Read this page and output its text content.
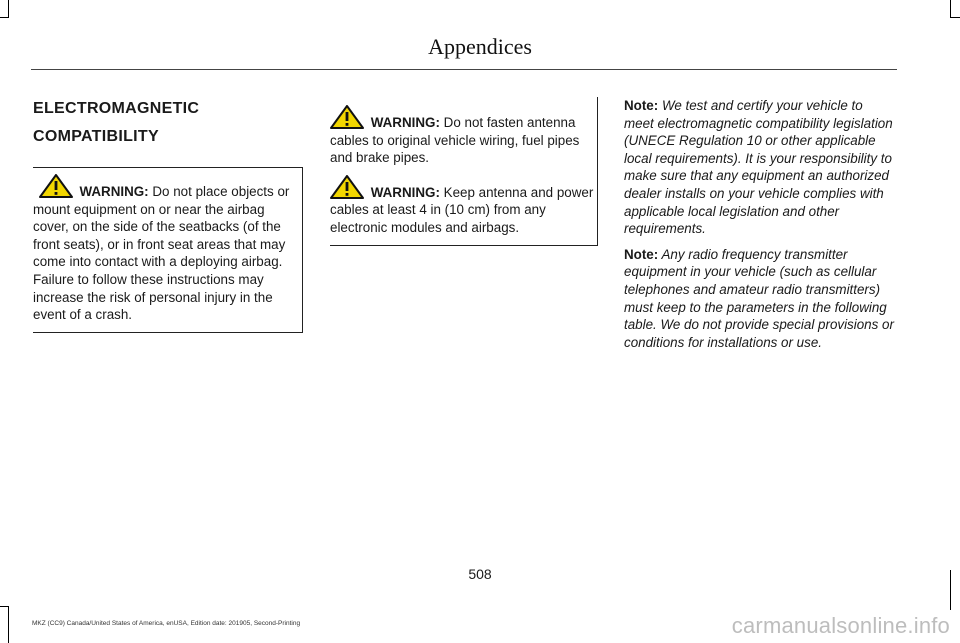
Appendices
ELECTROMAGNETIC
COMPATIBILITY

WARNING: Do not place objects or mount equipment on or near the airbag cover, on the side of the seatbacks (of the front seats), or in front seat areas that may come into contact with a deploying airbag. Failure to follow these instructions may increase the risk of personal injury in the event of a crash.

WARNING: Do not fasten antenna cables to original vehicle wiring, fuel pipes and brake pipes.

WARNING: Keep antenna and power cables at least 4 in (10 cm) from any electronic modules and airbags.

Note: We test and certify your vehicle to meet electromagnetic compatibility legislation (UNECE Regulation 10 or other applicable local requirements). It is your responsibility to make sure that any equipment an authorized dealer installs on your vehicle complies with applicable local legislation and other requirements.

Note: Any radio frequency transmitter equipment in your vehicle (such as cellular telephones and amateur radio transmitters) must keep to the parameters in the following table. We do not provide special provisions or conditions for installations or use.

508
MKZ (CC9) Canada/United States of America, enUSA, Edition date: 201905, Second-Printing	carmanualsonline.info
